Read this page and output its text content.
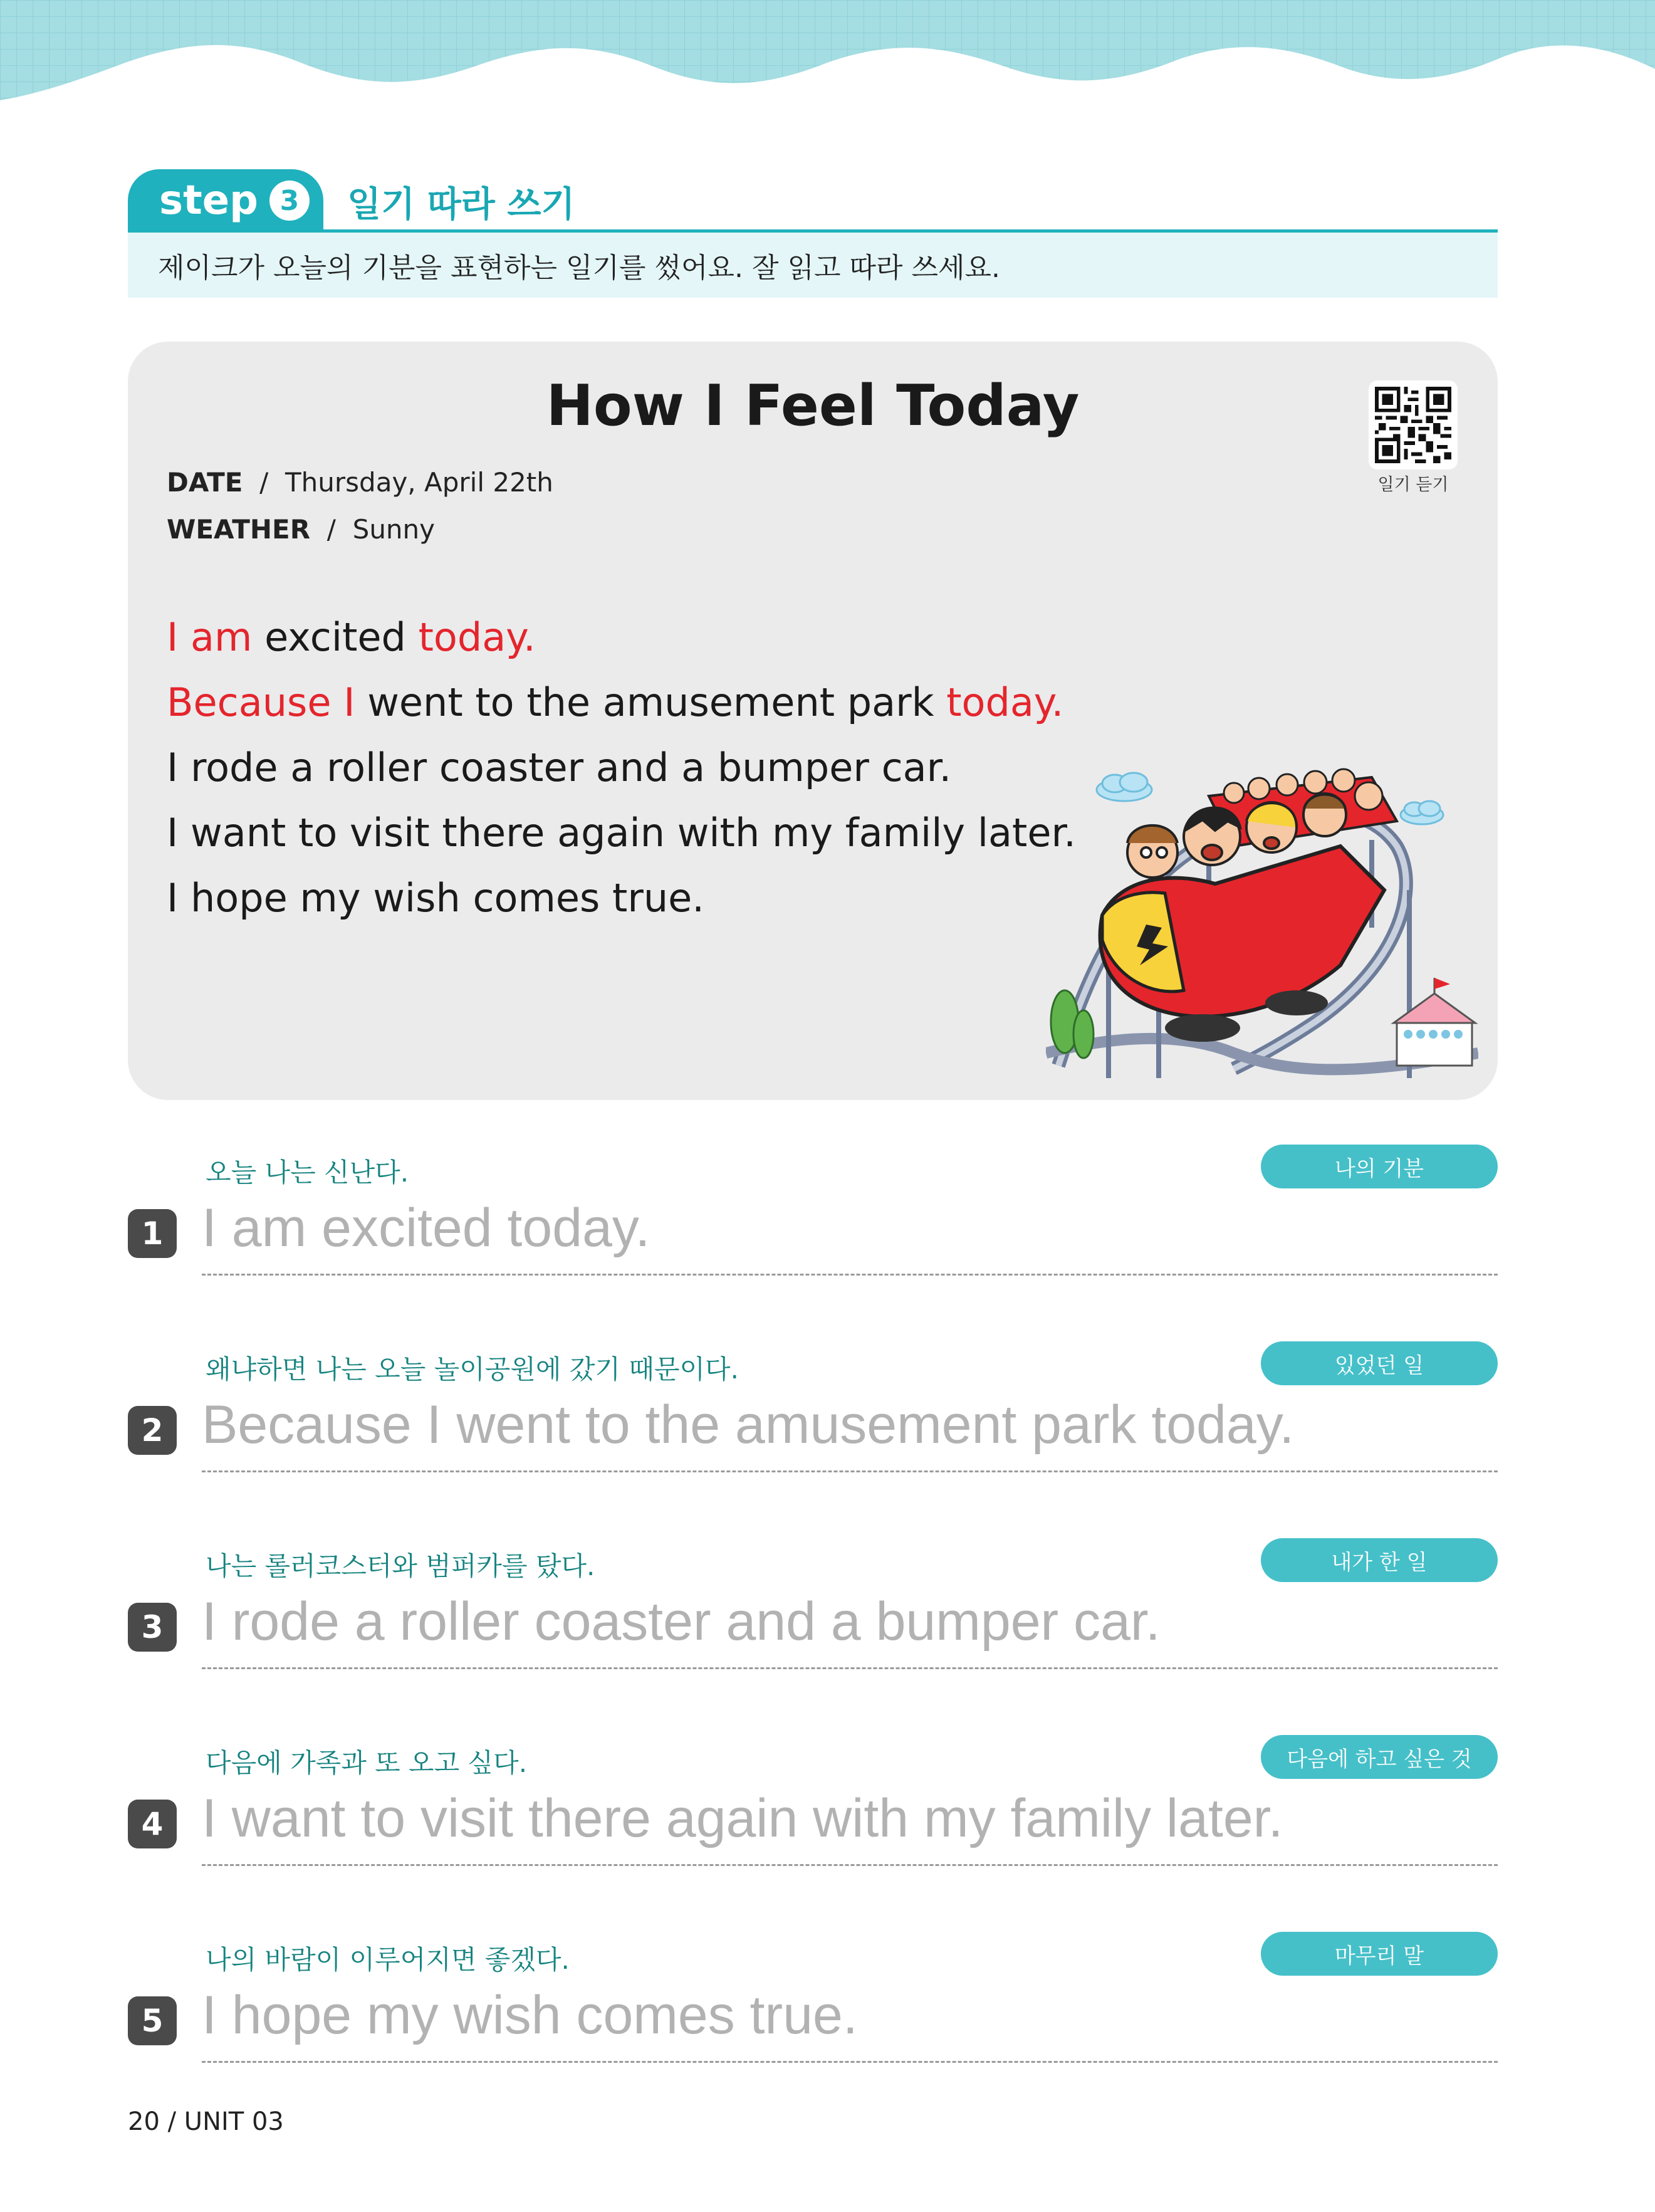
step 3 일기 따라 쓰기
제이크가 오늘의 기분을 표현하는 일기를 썼어요. 잘 읽고 따라 쓰세요.
How I Feel Today
DATE / Thursday, April 22th
WEATHER / Sunny
일기 듣기
I am excited today.
Because I went to the amusement park today.
I rode a roller coaster and a bumper car.
I want to visit there again with my family later.
I hope my wish comes true.
오늘 나는 신난다.	나의 기분
1 I am excited today.
왜냐하면 나는 오늘 놀이공원에 갔기 때문이다.	있었던 일
2 Because I went to the amusement park today.
나는 롤러코스터와 범퍼카를 탔다.	내가 한 일
3 I rode a roller coaster and a bumper car.
다음에 가족과 또 오고 싶다.	다음에 하고 싶은 것
4 I want to visit there again with my family later.
나의 바람이 이루어지면 좋겠다.	마무리 말
5 I hope my wish comes true.
20 / UNIT 03
